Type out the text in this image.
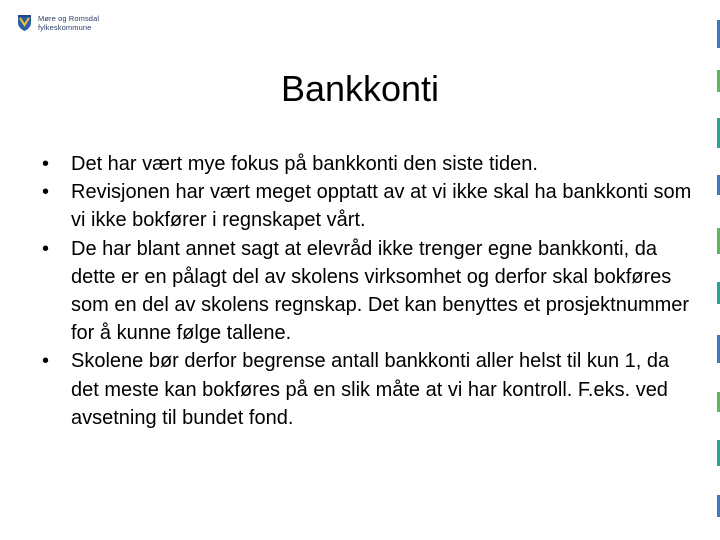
Møre og Romsdal
fylkeskommune
Bankkonti
• Det har vært mye fokus på bankkonti den siste tiden.
• Revisjonen har vært meget opptatt av at vi ikke skal ha bankkonti som vi ikke bokfører i regnskapet vårt.
• De har blant annet sagt at elevråd ikke trenger egne bankkonti, da dette er en pålagt del av skolens virksomhet og derfor skal bokføres som en del av skolens regnskap. Det kan benyttes et prosjektnummer for å kunne følge tallene.
• Skolene bør derfor begrense antall bankkonti aller helst til kun 1, da det meste kan bokføres på en slik måte at vi har kontroll. F.eks. ved avsetning til bundet fond.
